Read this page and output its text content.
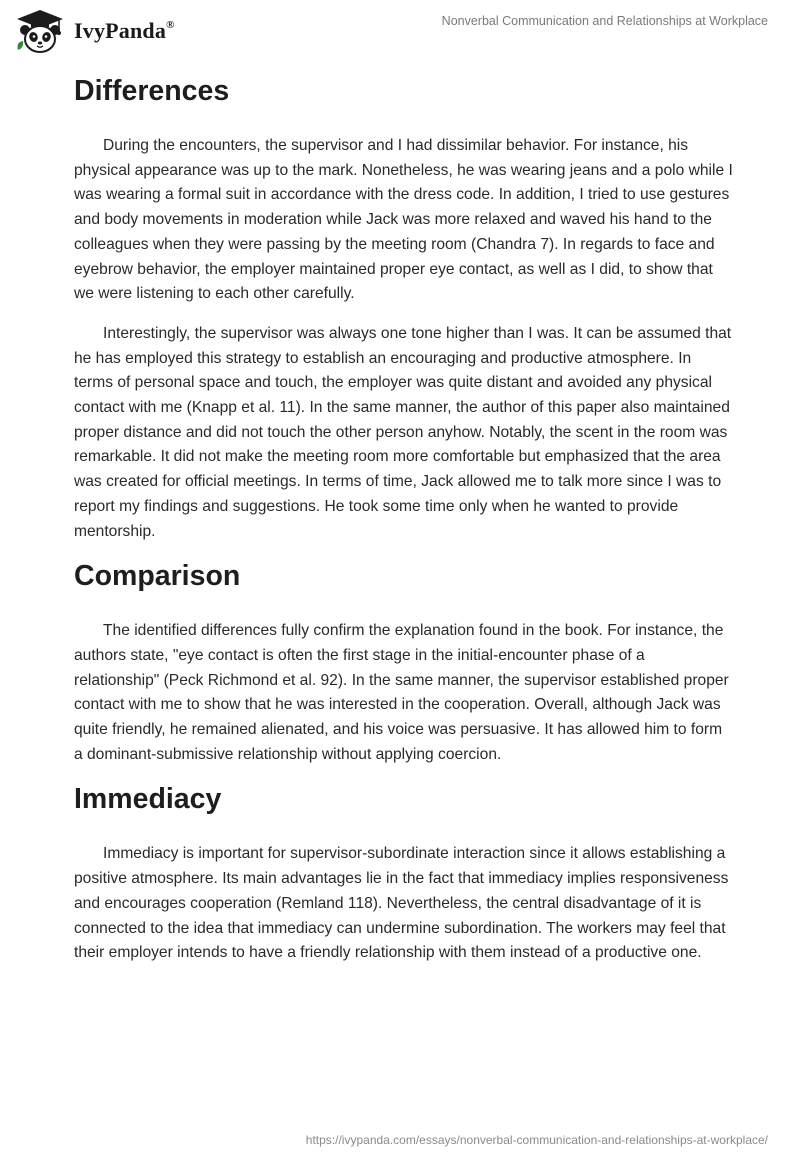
IvyPanda®	Nonverbal Communication and Relationships at Workplace
Differences

During the encounters, the supervisor and I had dissimilar behavior. For instance, his physical appearance was up to the mark. Nonetheless, he was wearing jeans and a polo while I was wearing a formal suit in accordance with the dress code. In addition, I tried to use gestures and body movements in moderation while Jack was more relaxed and waved his hand to the colleagues when they were passing by the meeting room (Chandra 7). In regards to face and eyebrow behavior, the employer maintained proper eye contact, as well as I did, to show that we were listening to each other carefully.

Interestingly, the supervisor was always one tone higher than I was. It can be assumed that he has employed this strategy to establish an encouraging and productive atmosphere. In terms of personal space and touch, the employer was quite distant and avoided any physical contact with me (Knapp et al. 11). In the same manner, the author of this paper also maintained proper distance and did not touch the other person anyhow. Notably, the scent in the room was remarkable. It did not make the meeting room more comfortable but emphasized that the area was created for official meetings. In terms of time, Jack allowed me to talk more since I was to report my findings and suggestions. He took some time only when he wanted to provide mentorship.

Comparison

The identified differences fully confirm the explanation found in the book. For instance, the authors state, "eye contact is often the first stage in the initial-encounter phase of a relationship" (Peck Richmond et al. 92). In the same manner, the supervisor established proper contact with me to show that he was interested in the cooperation. Overall, although Jack was quite friendly, he remained alienated, and his voice was persuasive. It has allowed him to form a dominant-submissive relationship without applying coercion.

Immediacy

Immediacy is important for supervisor-subordinate interaction since it allows establishing a positive atmosphere. Its main advantages lie in the fact that immediacy implies responsiveness and encourages cooperation (Remland 118). Nevertheless, the central disadvantage of it is connected to the idea that immediacy can undermine subordination. The workers may feel that their employer intends to have a friendly relationship with them instead of a productive one.

https://ivypanda.com/essays/nonverbal-communication-and-relationships-at-workplace/
